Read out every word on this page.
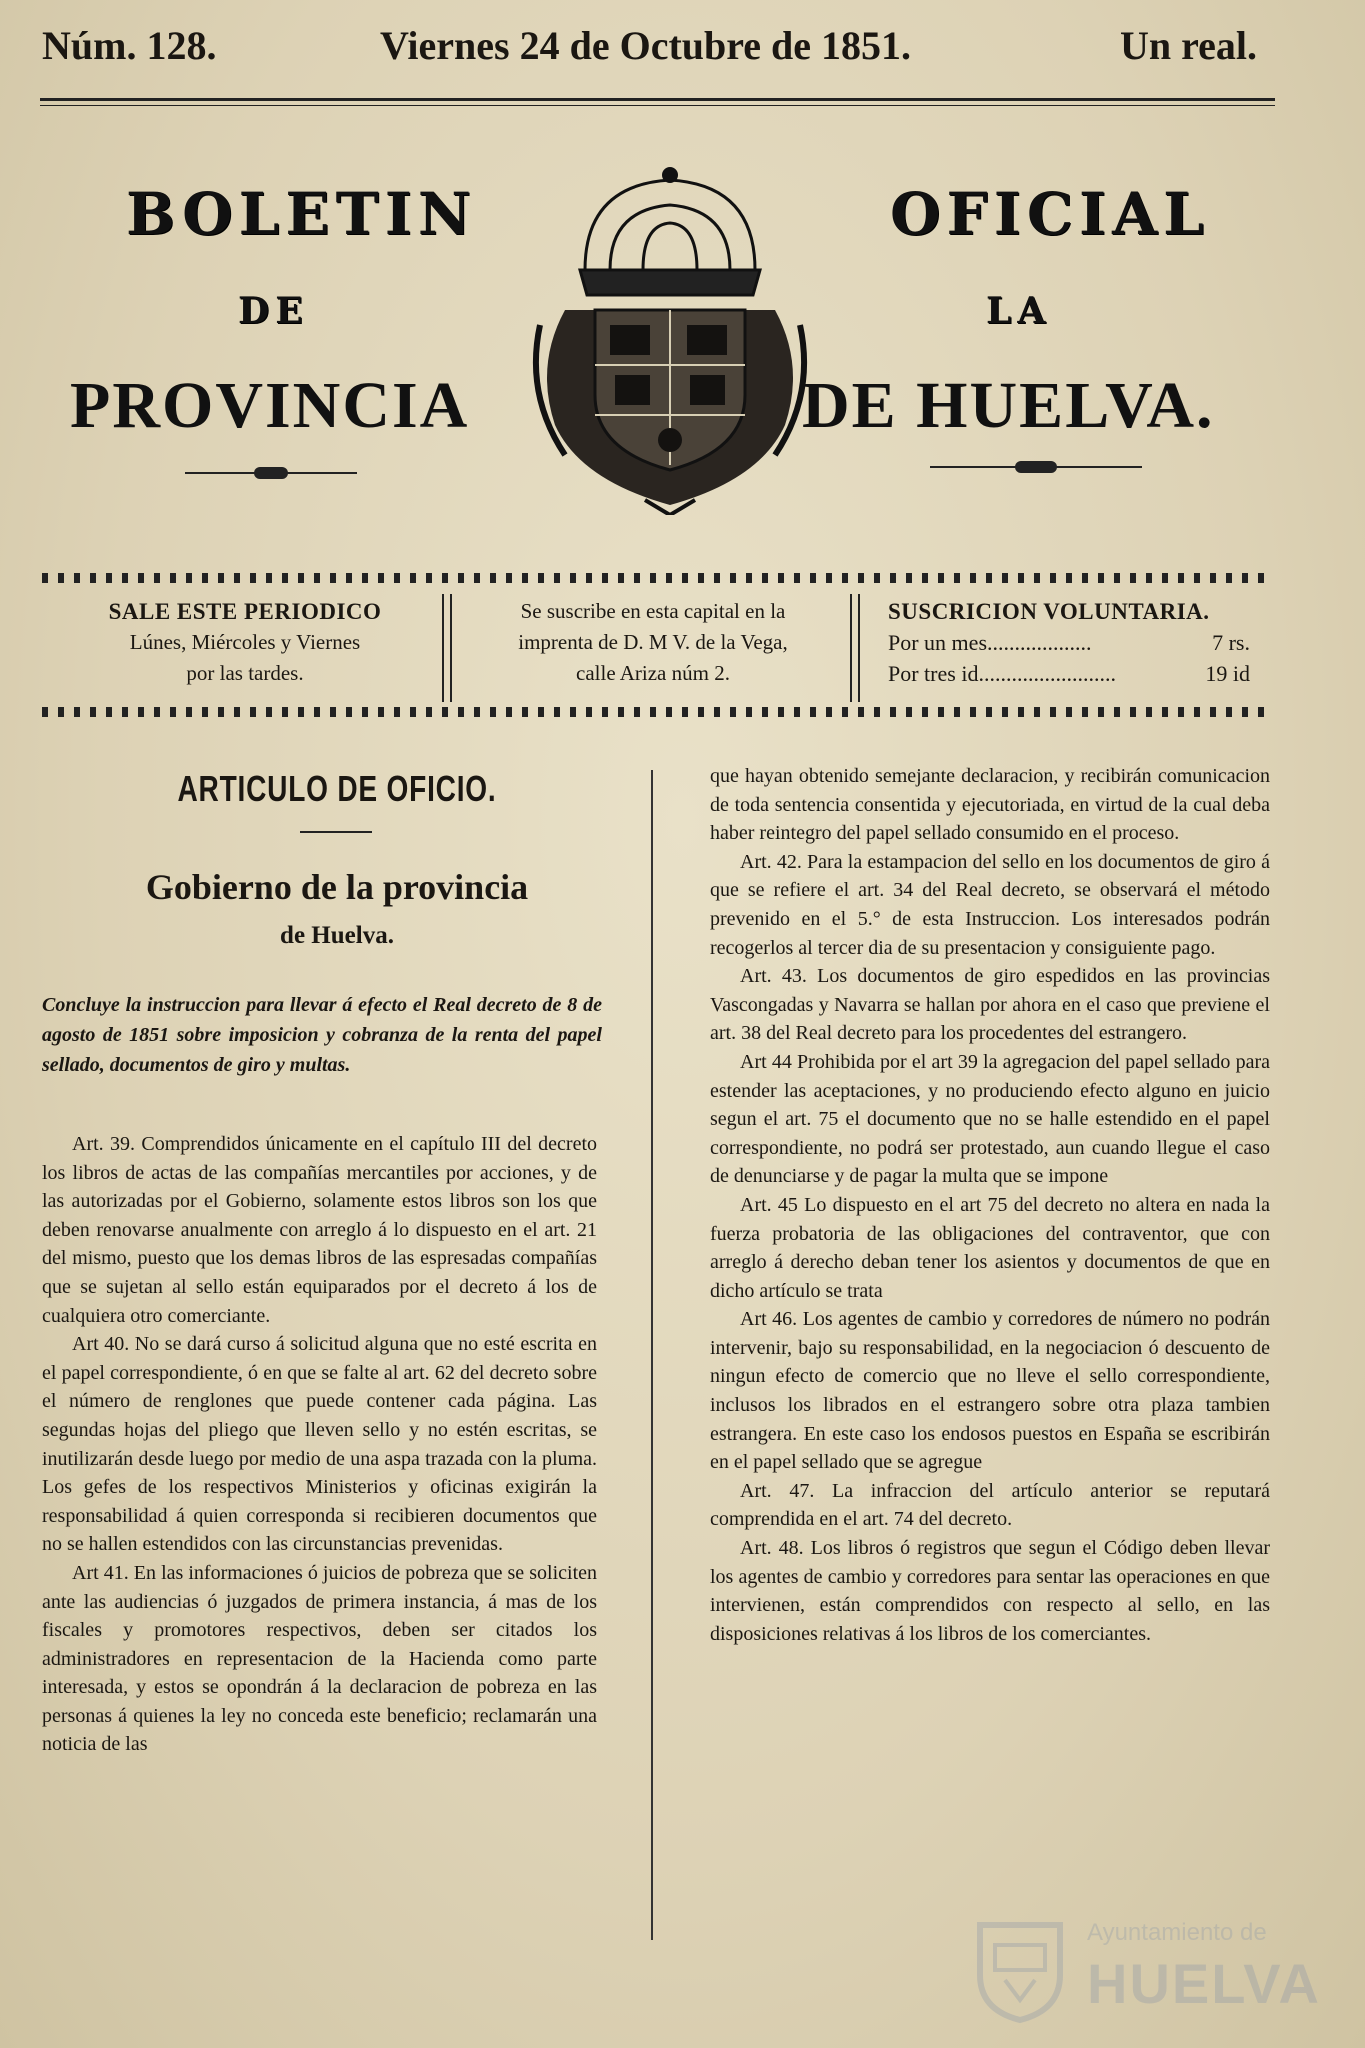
Núm. 128.	Viernes 24 de Octubre de 1851.	Un real.
BOLETIN	OFICIAL
DE	LA
PROVINCIA	DE HUELVA.
SALE ESTE PERIODICO
Lúnes, Miércoles y Viernes
por las tardes.
Se suscribe en esta capital en la
imprenta de D. M V. de la Vega,
calle Ariza núm 2.
SUSCRICION VOLUNTARIA.
Por un mes...................	7 rs.
Por tres id.........................	19 id
ARTICULO DE OFICIO.
Gobierno de la provincia
de Huelva.
Concluye la instruccion para llevar á efecto el Real decreto de 8 de agosto de 1851 sobre imposicion y cobranza de la renta del papel sellado, documentos de giro y multas.

Art. 39. Comprendidos únicamente en el capítulo III del decreto los libros de actas de las compañías mercantiles por acciones, y de las autorizadas por el Gobierno, solamente estos libros son los que deben renovarse anualmente con arreglo á lo dispuesto en el art. 21 del mismo, puesto que los demas libros de las espresadas compañías que se sujetan al sello están equiparados por el decreto á los de cualquiera otro comerciante.

Art 40. No se dará curso á solicitud alguna que no esté escrita en el papel correspondiente, ó en que se falte al art. 62 del decreto sobre el número de renglones que puede contener cada página. Las segundas hojas del pliego que lleven sello y no estén escritas, se inutilizarán desde luego por medio de una aspa trazada con la pluma. Los gefes de los respectivos Ministerios y oficinas exigirán la responsabilidad á quien corresponda si recibieren documentos que no se hallen estendidos con las circunstancias prevenidas.

Art 41. En las informaciones ó juicios de pobreza que se soliciten ante las audiencias ó juzgados de primera instancia, á mas de los fiscales y promotores respectivos, deben ser citados los administradores en representacion de la Hacienda como parte interesada, y estos se opondrán á la declaracion de pobreza en las personas á quienes la ley no conceda este beneficio; reclamarán una noticia de las

que hayan obtenido semejante declaracion, y recibirán comunicacion de toda sentencia consentida y ejecutoriada, en virtud de la cual deba haber reintegro del papel sellado consumido en el proceso.

Art. 42. Para la estampacion del sello en los documentos de giro á que se refiere el art. 34 del Real decreto, se observará el método prevenido en el 5.° de esta Instruccion. Los interesados podrán recogerlos al tercer dia de su presentacion y consiguiente pago.

Art. 43. Los documentos de giro espedidos en las provincias Vascongadas y Navarra se hallan por ahora en el caso que previene el art. 38 del Real decreto para los procedentes del estrangero.

Art 44 Prohibida por el art 39 la agregacion del papel sellado para estender las aceptaciones, y no produciendo efecto alguno en juicio segun el art. 75 el documento que no se halle estendido en el papel correspondiente, no podrá ser protestado, aun cuando llegue el caso de denunciarse y de pagar la multa que se impone

Art. 45 Lo dispuesto en el art 75 del decreto no altera en nada la fuerza probatoria de las obligaciones del contraventor, que con arreglo á derecho deban tener los asientos y documentos de que en dicho artículo se trata

Art 46. Los agentes de cambio y corredores de número no podrán intervenir, bajo su responsabilidad, en la negociacion ó descuento de ningun efecto de comercio que no lleve el sello correspondiente, inclusos los librados en el estrangero sobre otra plaza tambien estrangera. En este caso los endosos puestos en España se escribirán en el papel sellado que se agregue

Art. 47. La infraccion del artículo anterior se reputará comprendida en el art. 74 del decreto.

Art. 48. Los libros ó registros que segun el Código deben llevar los agentes de cambio y corredores para sentar las operaciones en que intervienen, están comprendidos con respecto al sello, en las disposiciones relativas á los libros de los comerciantes.

Ayuntamiento de
HUELVA
